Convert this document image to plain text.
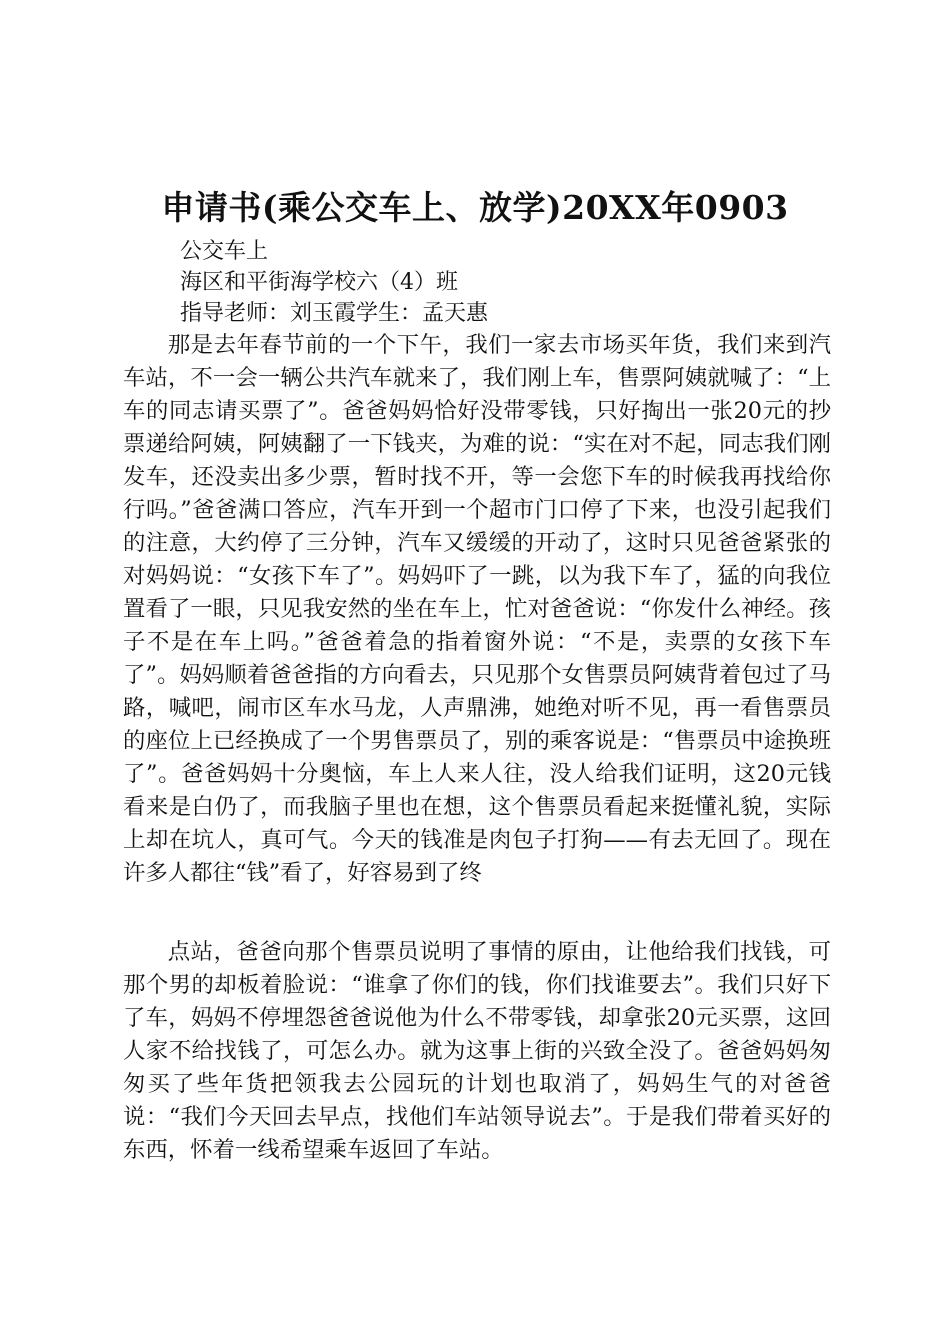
申请书(乘公交车上、放学)20XX年0903
公交车上
海区和平街海学校六（4）班
指导老师：刘玉霞学生：孟天惠

那是去年春节前的一个下午，我们一家去市场买年货，我们来到汽车站，不一会一辆公共汽车就来了，我们刚上车，售票阿姨就喊了：“上车的同志请买票了”。爸爸妈妈恰好没带零钱，只好掏出一张20元的抄票递给阿姨，阿姨翻了一下钱夹，为难的说：“实在对不起，同志我们刚发车，还没卖出多少票，暂时找不开，等一会您下车的时候我再找给你行吗。”爸爸满口答应，汽车开到一个超市门口停了下来，也没引起我们的注意，大约停了三分钟，汽车又缓缓的开动了，这时只见爸爸紧张的对妈妈说：“女孩下车了”。妈妈吓了一跳，以为我下车了，猛的向我位置看了一眼，只见我安然的坐在车上，忙对爸爸说：“你发什么神经。孩子不是在车上吗。”爸爸着急的指着窗外说：“不是，卖票的女孩下车了”。妈妈顺着爸爸指的方向看去，只见那个女售票员阿姨背着包过了马路，喊吧，闹市区车水马龙，人声鼎沸，她绝对听不见，再一看售票员的座位上已经换成了一个男售票员了，别的乘客说是：“售票员中途换班了”。爸爸妈妈十分奥恼，车上人来人往，没人给我们证明，这20元钱看来是白仍了，而我脑子里也在想，这个售票员看起来挺懂礼貌，实际上却在坑人，真可气。今天的钱准是肉包子打狗——有去无回了。现在许多人都往“钱”看了，好容易到了终

点站，爸爸向那个售票员说明了事情的原由，让他给我们找钱，可那个男的却板着脸说：“谁拿了你们的钱，你们找谁要去”。我们只好下了车，妈妈不停埋怨爸爸说他为什么不带零钱，却拿张20元买票，这回人家不给找钱了，可怎么办。就为这事上街的兴致全没了。爸爸妈妈匆匆买了些年货把领我去公园玩的计划也取消了，妈妈生气的对爸爸说：“我们今天回去早点，找他们车站领导说去”。于是我们带着买好的东西，怀着一线希望乘车返回了车站。
